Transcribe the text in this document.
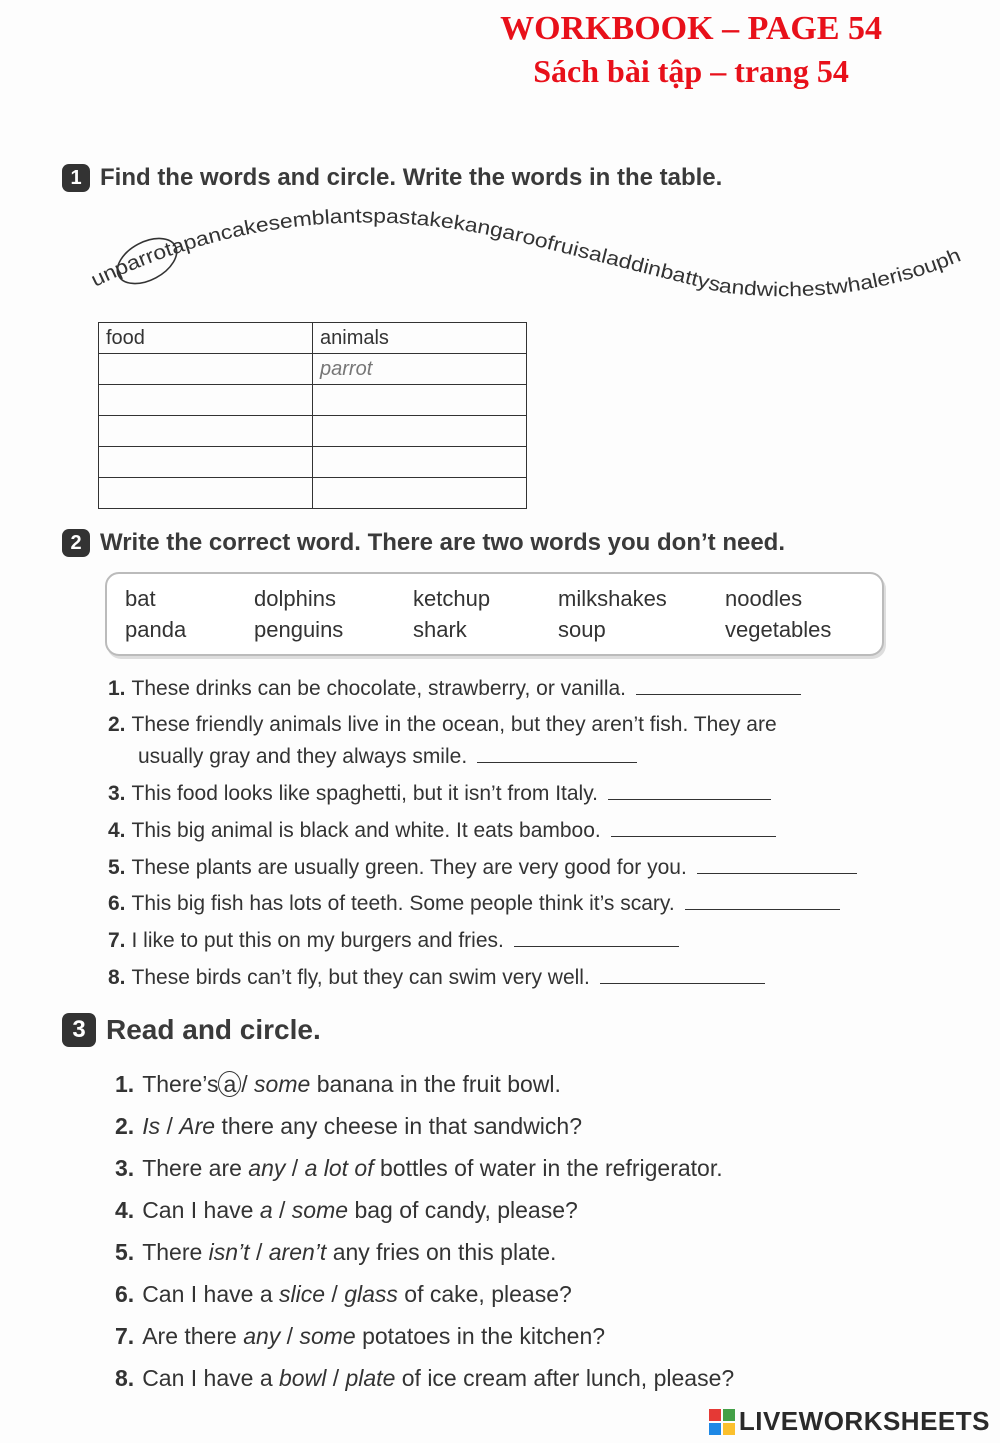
WORKBOOK – PAGE 54
Sách bài tập – trang 54
1 Find the words and circle. Write the words in the table.
unparrotapancakesemblantspastakekangaroofruisaladdinbattysandwichestwhalerisouph
food	animals
	parrot

2 Write the correct word. There are two words you don’t need.
bat	dolphins	ketchup	milkshakes	noodles
panda	penguins	shark	soup	vegetables
1. These drinks can be chocolate, strawberry, or vanilla.
2. These friendly animals live in the ocean, but they aren’t fish. They are
usually gray and they always smile.
3. This food looks like spaghetti, but it isn’t from Italy.
4. This big animal is black and white. It eats bamboo.
5. These plants are usually green. They are very good for you.
6. This big fish has lots of teeth. Some people think it’s scary.
7. I like to put this on my burgers and fries.
8. These birds can’t fly, but they can swim very well.
3 Read and circle.
1. There’s a / some banana in the fruit bowl.
2. Is / Are there any cheese in that sandwich?
3. There are any / a lot of bottles of water in the refrigerator.
4. Can I have a / some bag of candy, please?
5. There isn’t / aren’t any fries on this plate.
6. Can I have a slice / glass of cake, please?
7. Are there any / some potatoes in the kitchen?
8. Can I have a bowl / plate of ice cream after lunch, please?
LIVEWORKSHEETS
